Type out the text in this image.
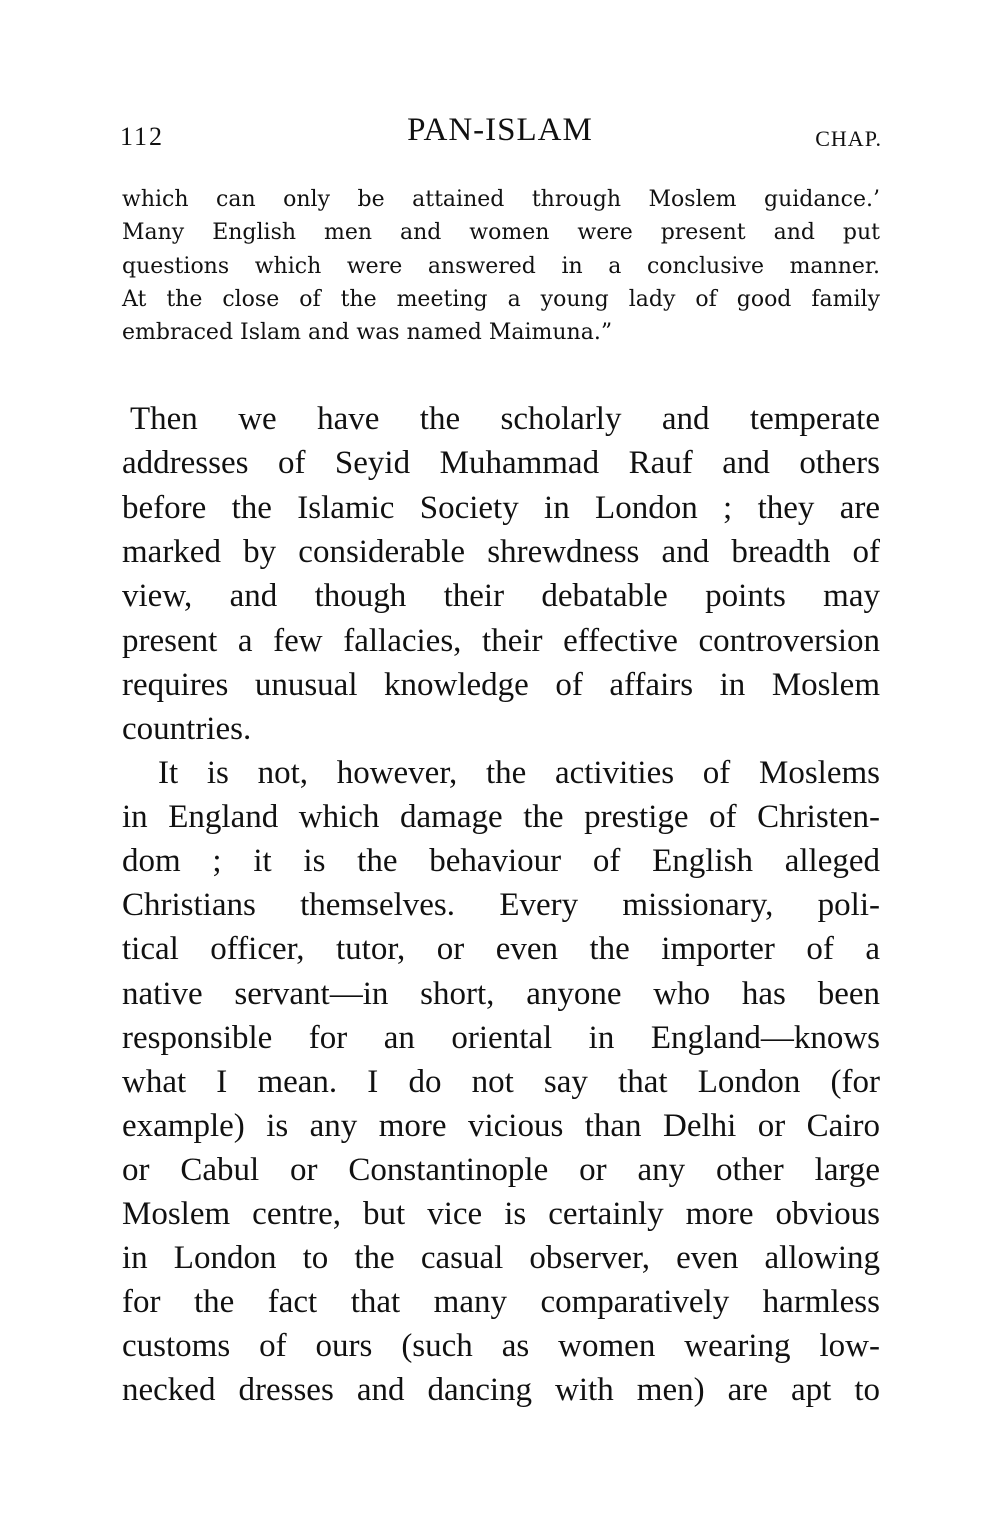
112	PAN-ISLAM	CHAP.
which can only be attained through Moslem guidance.’
Many English men and women were present and put
questions which were answered in a conclusive manner.
At the close of the meeting a young lady of good family
embraced Islam and was named Maimuna.”
Then we have the scholarly and temperate
addresses of Seyid Muhammad Rauf and others
before the Islamic Society in London ; they are
marked by considerable shrewdness and breadth of
view, and though their debatable points may
present a few fallacies, their effective controversion
requires unusual knowledge of affairs in Moslem
countries.
It is not, however, the activities of Moslems
in England which damage the prestige of Christen-
dom ; it is the behaviour of English alleged
Christians themselves. Every missionary, poli-
tical officer, tutor, or even the importer of a
native servant—in short, anyone who has been
responsible for an oriental in England—knows
what I mean. I do not say that London (for
example) is any more vicious than Delhi or Cairo
or Cabul or Constantinople or any other large
Moslem centre, but vice is certainly more obvious
in London to the casual observer, even allowing
for the fact that many comparatively harmless
customs of ours (such as women wearing low-
necked dresses and dancing with men) are apt to
